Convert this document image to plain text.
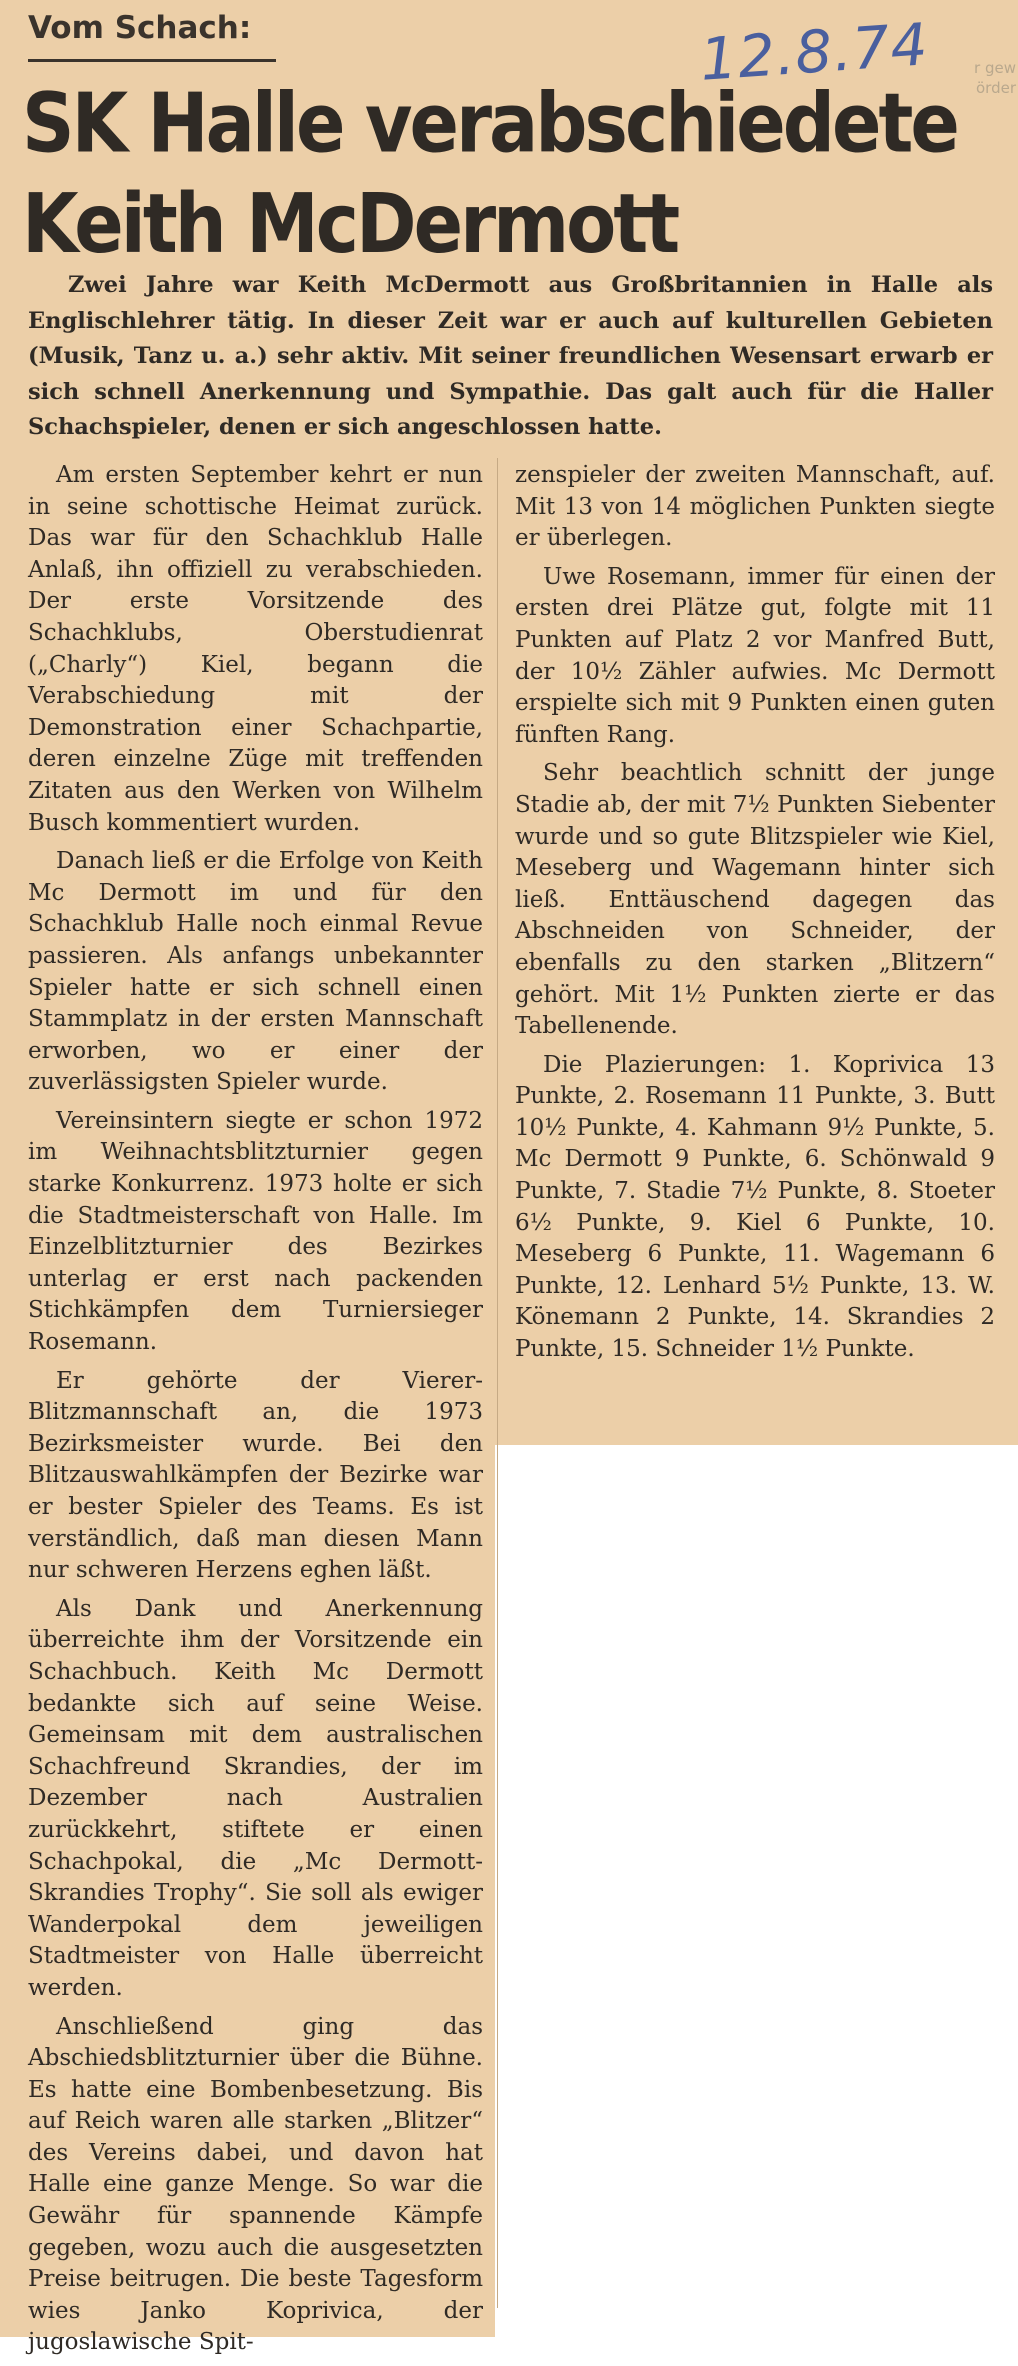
Vom Schach:	12.8.74	r gew
örder
SK Halle verabschiedete
Keith McDermott
Zwei Jahre war Keith McDermott aus Großbritannien in Halle als Englischlehrer tätig. In dieser Zeit war er auch auf kulturellen Gebieten (Musik, Tanz u. a.) sehr aktiv. Mit seiner freundlichen Wesensart erwarb er sich schnell Anerkennung und Sympathie. Das galt auch für die Haller Schachspieler, denen er sich angeschlossen hatte.

Am ersten September kehrt er nun in seine schottische Heimat zurück. Das war für den Schachklub Halle Anlaß, ihn offiziell zu verabschieden. Der erste Vorsitzende des Schachklubs, Oberstudienrat („Charly“) Kiel, begann die Verabschiedung mit der Demonstration einer Schachpartie, deren einzelne Züge mit treffenden Zitaten aus den Werken von Wilhelm Busch kommentiert wurden.

Danach ließ er die Erfolge von Keith Mc Dermott im und für den Schachklub Halle noch einmal Revue passieren. Als anfangs unbekannter Spieler hatte er sich schnell einen Stammplatz in der ersten Mannschaft erworben, wo er einer der zuverlässigsten Spieler wurde.

Vereinsintern siegte er schon 1972 im Weihnachtsblitzturnier gegen starke Konkurrenz. 1973 holte er sich die Stadtmeisterschaft von Halle. Im Einzelblitzturnier des Bezirkes unterlag er erst nach packenden Stichkämpfen dem Turniersieger Rosemann.

Er gehörte der Vierer-Blitzmannschaft an, die 1973 Bezirksmeister wurde. Bei den Blitzauswahlkämpfen der Bezirke war er bester Spieler des Teams. Es ist verständlich, daß man diesen Mann nur schweren Herzens eghen läßt.

Als Dank und Anerkennung überreichte ihm der Vorsitzende ein Schachbuch. Keith Mc Dermott bedankte sich auf seine Weise. Gemeinsam mit dem australischen Schachfreund Skrandies, der im Dezember nach Australien zurückkehrt, stiftete er einen Schachpokal, die „Mc Dermott-Skrandies Trophy“. Sie soll als ewiger Wanderpokal dem jeweiligen Stadtmeister von Halle überreicht werden.

Anschließend ging das Abschiedsblitzturnier über die Bühne. Es hatte eine Bombenbesetzung. Bis auf Reich waren alle starken „Blitzer“ des Vereins dabei, und davon hat Halle eine ganze Menge. So war die Gewähr für spannende Kämpfe gegeben, wozu auch die ausgesetzten Preise beitrugen. Die beste Tagesform wies Janko Koprivica, der jugoslawische Spit-

zenspieler der zweiten Mannschaft, auf. Mit 13 von 14 möglichen Punkten siegte er überlegen.

Uwe Rosemann, immer für einen der ersten drei Plätze gut, folgte mit 11 Punkten auf Platz 2 vor Manfred Butt, der 10½ Zähler aufwies. Mc Dermott erspielte sich mit 9 Punkten einen guten fünften Rang.

Sehr beachtlich schnitt der junge Stadie ab, der mit 7½ Punkten Siebenter wurde und so gute Blitzspieler wie Kiel, Meseberg und Wagemann hinter sich ließ. Enttäuschend dagegen das Abschneiden von Schneider, der ebenfalls zu den starken „Blitzern“ gehört. Mit 1½ Punkten zierte er das Tabellenende.

Die Plazierungen: 1. Koprivica 13 Punkte, 2. Rosemann 11 Punkte, 3. Butt 10½ Punkte, 4. Kahmann 9½ Punkte, 5. Mc Dermott 9 Punkte, 6. Schönwald 9 Punkte, 7. Stadie 7½ Punkte, 8. Stoeter 6½ Punkte, 9. Kiel 6 Punkte, 10. Meseberg 6 Punkte, 11. Wagemann 6 Punkte, 12. Lenhard 5½ Punkte, 13. W. Könemann 2 Punkte, 14. Skrandies 2 Punkte, 15. Schneider 1½ Punkte.
